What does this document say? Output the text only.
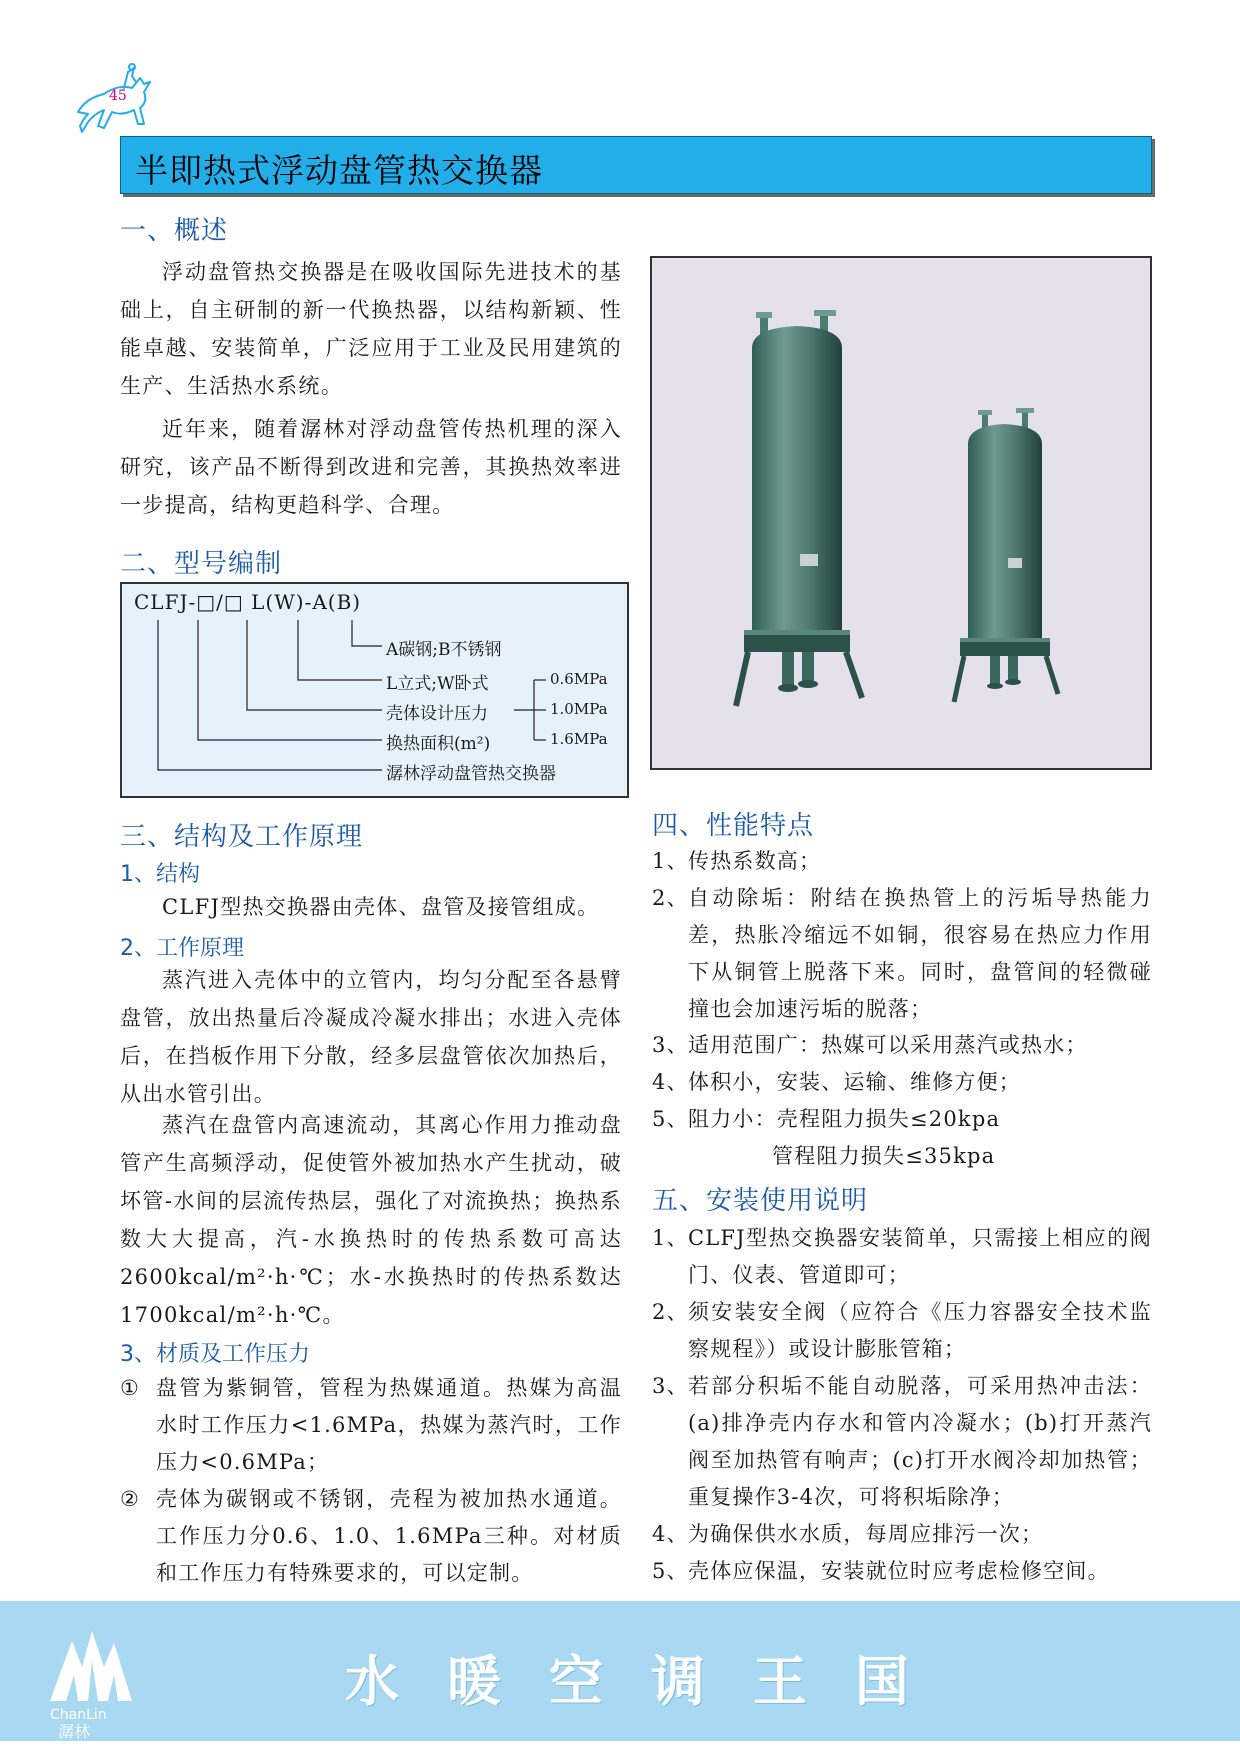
45
半即热式浮动盘管热交换器
一、概述
浮动盘管热交换器是在吸收国际先进技术的基础上，自主研制的新一代换热器，以结构新颖、性能卓越、安装简单，广泛应用于工业及民用建筑的生产、生活热水系统。
近年来，随着潺林对浮动盘管传热机理的深入研究，该产品不断得到改进和完善，其换热效率进一步提高，结构更趋科学、合理。
二、型号编制
CLFJ-□/□ L(W)-A(B)
A碳钢;B不锈钢
L立式;W卧式
壳体设计压力
换热面积(m²)
潺林浮动盘管热交换器
0.6MPa
1.0MPa
1.6MPa
三、结构及工作原理
1、结构
CLFJ型热交换器由壳体、盘管及接管组成。
2、工作原理
蒸汽进入壳体中的立管内，均匀分配至各悬臂盘管，放出热量后冷凝成冷凝水排出；水进入壳体后，在挡板作用下分散，经多层盘管依次加热后，从出水管引出。
蒸汽在盘管内高速流动，其离心作用力推动盘管产生高频浮动，促使管外被加热水产生扰动，破坏管-水间的层流传热层，强化了对流换热；换热系数大大提高，汽-水换热时的传热系数可高达2600kcal/m²·h·℃；水-水换热时的传热系数达1700kcal/m²·h·℃。
3、材质及工作压力
① 盘管为紫铜管，管程为热媒通道。热媒为高温水时工作压力<1.6MPa，热媒为蒸汽时，工作压力<0.6MPa；
② 壳体为碳钢或不锈钢，壳程为被加热水通道。工作压力分0.6、1.0、1.6MPa三种。对材质和工作压力有特殊要求的，可以定制。
四、性能特点
1、 传热系数高；
2、 自动除垢：附结在换热管上的污垢导热能力差，热胀冷缩远不如铜，很容易在热应力作用下从铜管上脱落下来。同时，盘管间的轻微碰撞也会加速污垢的脱落；
3、 适用范围广：热媒可以采用蒸汽或热水；
4、 体积小，安装、运输、维修方便；
5、 阻力小：壳程阻力损失≤20kpa
管程阻力损失≤35kpa
五、安装使用说明
1、 CLFJ型热交换器安装简单，只需接上相应的阀门、仪表、管道即可；
2、 须安装安全阀（应符合《压力容器安全技术监察规程》）或设计膨胀管箱；
3、 若部分积垢不能自动脱落，可采用热冲击法：(a)排净壳内存水和管内冷凝水；(b)打开蒸汽阀至加热管有响声；(c)打开水阀冷却加热管；重复操作3-4次，可将积垢除净；
4、 为确保供水水质，每周应排污一次；
5、 壳体应保温，安装就位时应考虑检修空间。
ChanLin
潺林
水暖空调王国
